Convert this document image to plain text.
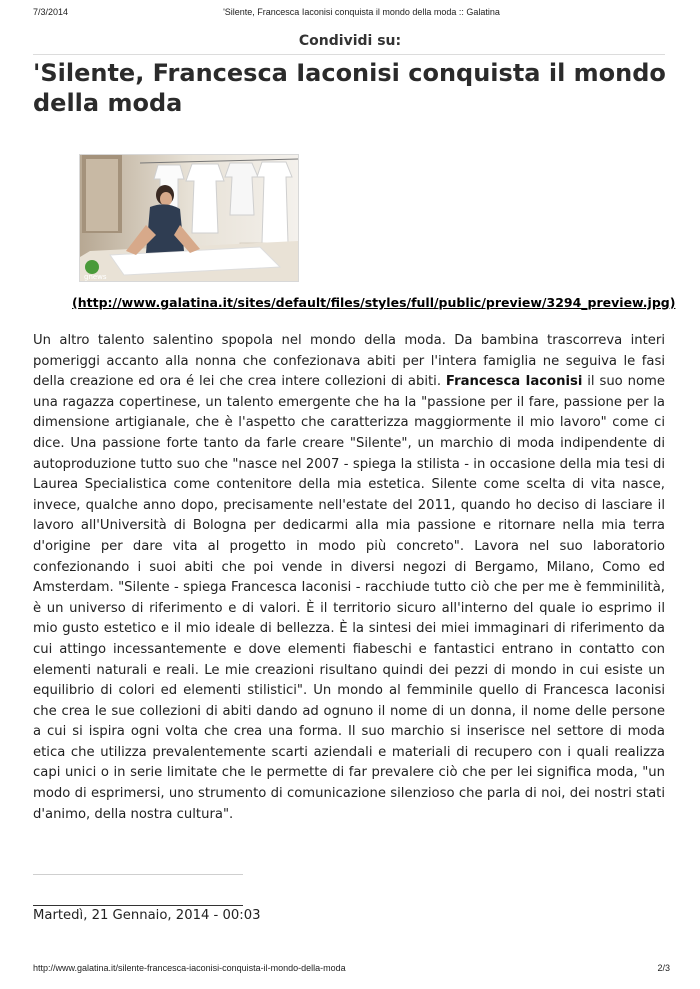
7/3/2014	'Silente, Francesca Iaconisi conquista il mondo della moda :: Galatina
Condividi su:
'Silente, Francesca Iaconisi conquista il mondo della moda
gnews
(http://www.galatina.it/sites/default/files/styles/full/public/preview/3294_preview.jpg)

Un altro talento salentino spopola nel mondo della moda. Da bambina trascorreva interi pomeriggi accanto alla nonna che confezionava abiti per l'intera famiglia ne seguiva le fasi della creazione ed ora é lei che crea intere collezioni di abiti. Francesca Iaconisi il suo nome una ragazza copertinese, un talento emergente che ha la "passione per il fare, passione per la dimensione artigianale, che è l'aspetto che caratterizza maggiormente il mio lavoro" come ci dice. Una passione forte tanto da farle creare "Silente", un marchio di moda indipendente di autoproduzione tutto suo che "nasce nel 2007 - spiega la stilista - in occasione della mia tesi di Laurea Specialistica come contenitore della mia estetica. Silente come scelta di vita nasce, invece, qualche anno dopo, precisamente nell'estate del 2011, quando ho deciso di lasciare il lavoro all'Università di Bologna per dedicarmi alla mia passione e ritornare nella mia terra d'origine per dare vita al progetto in modo più concreto". Lavora nel suo laboratorio confezionando i suoi abiti che poi vende in diversi negozi di Bergamo, Milano, Como ed Amsterdam. "Silente - spiega Francesca Iaconisi - racchiude tutto ciò che per me è femminilità, è un universo di riferimento e di valori. È il territorio sicuro all'interno del quale io esprimo il mio gusto estetico e il mio ideale di bellezza. È la sintesi dei miei immaginari di riferimento da cui attingo incessantemente e dove elementi fiabeschi e fantastici entrano in contatto con elementi naturali e reali. Le mie creazioni risultano quindi dei pezzi di mondo in cui esiste un equilibrio di colori ed elementi stilistici". Un mondo al femminile quello di Francesca Iaconisi che crea le sue collezioni di abiti dando ad ognuno il nome di un donna, il nome delle persone a cui si ispira ogni volta che crea una forma. Il suo marchio si inserisce nel settore di moda etica che utilizza prevalentemente scarti aziendali e materiali di recupero con i quali realizza capi unici o in serie limitate che le permette di far prevalere ciò che per lei significa moda, "un modo di esprimersi, uno strumento di comunicazione silenzioso che parla di noi, dei nostri stati d'animo, della nostra cultura".

Martedì, 21 Gennaio, 2014 - 00:03
http://www.galatina.it/silente-francesca-iaconisi-conquista-il-mondo-della-moda	2/3
